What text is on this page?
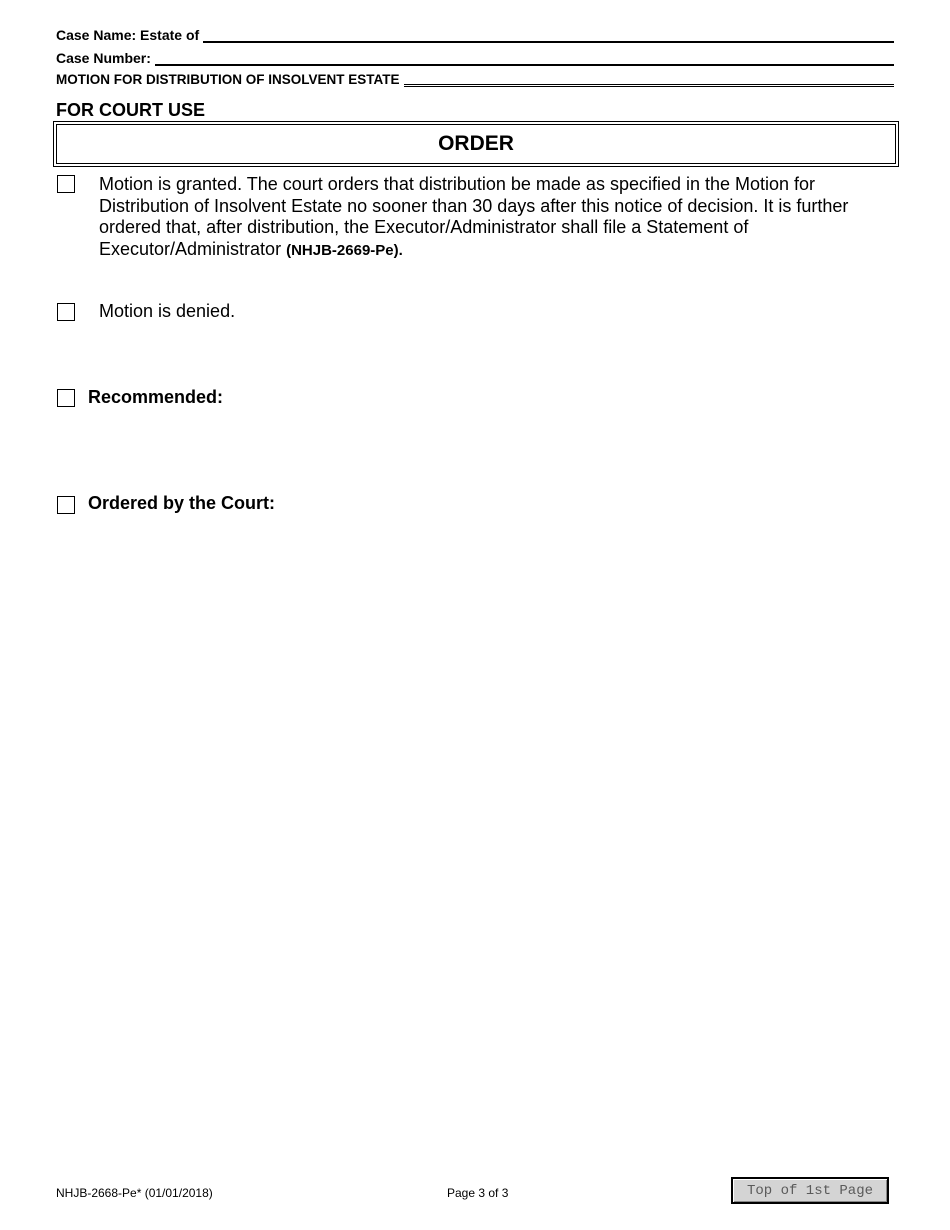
Case Name: Estate of
Case Number:
MOTION FOR DISTRIBUTION OF INSOLVENT ESTATE
FOR COURT USE
ORDER
Motion is granted. The court orders that distribution be made as specified in the Motion for Distribution of Insolvent Estate no sooner than 30 days after this notice of decision. It is further ordered that, after distribution, the Executor/Administrator shall file a Statement of Executor/Administrator (NHJB-2669-Pe).
Motion is denied.
Recommended:
Ordered by the Court:
NHJB-2668-Pe* (01/01/2018)	Page 3 of 3	Top of 1st Page
